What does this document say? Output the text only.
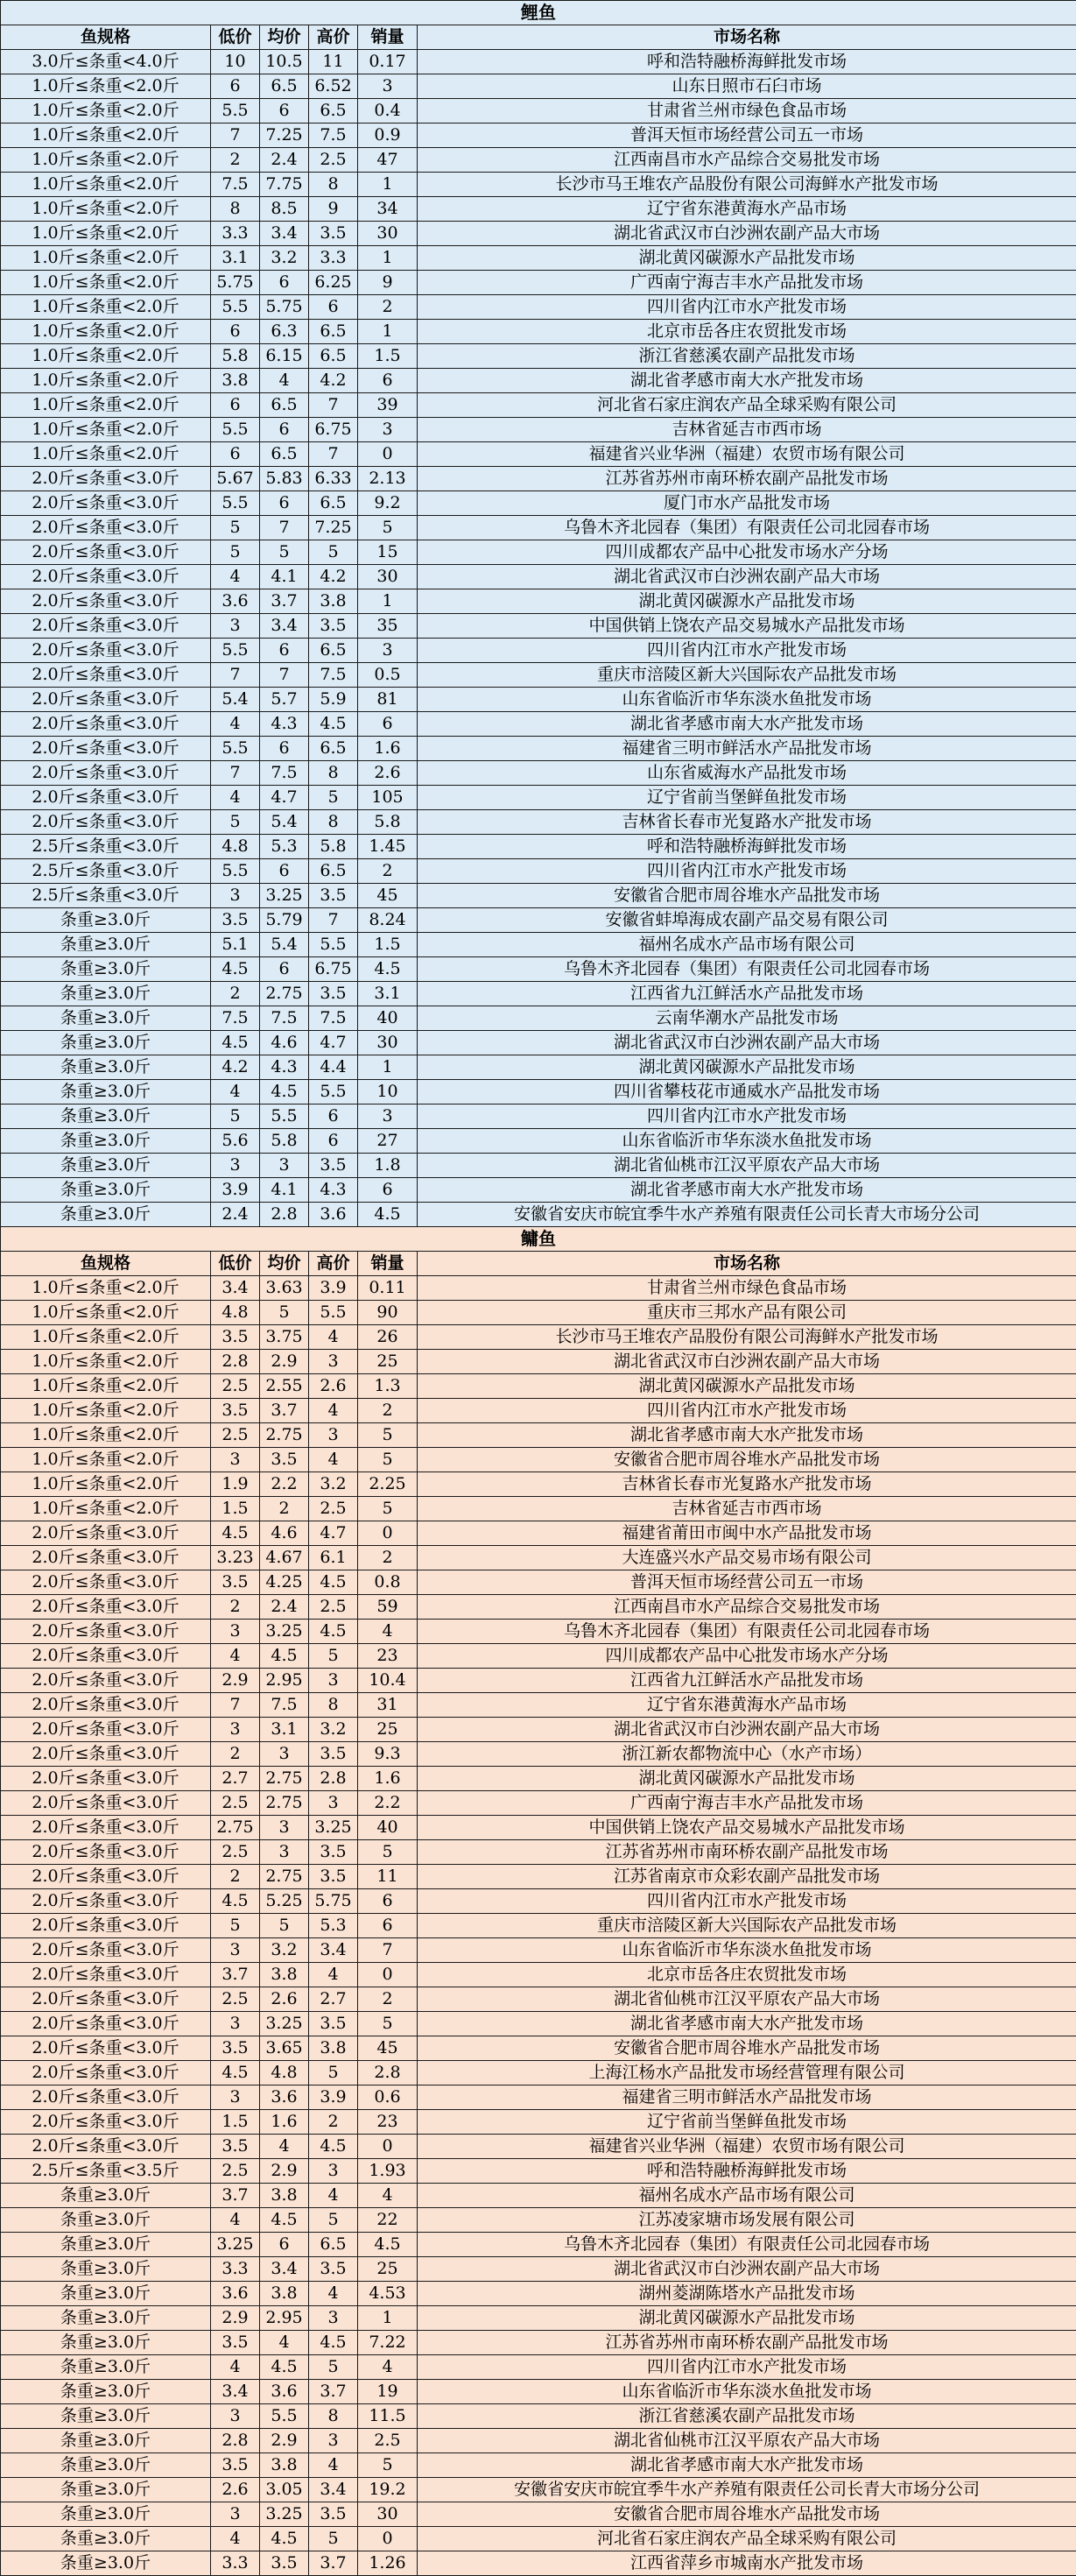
鲤鱼					
鱼规格	低价	均价	高价	销量	市场名称
3.0斤≤条重<4.0斤	10	10.5	11	0.17	呼和浩特融桥海鲜批发市场
1.0斤≤条重<2.0斤	6	6.5	6.52	3	山东日照市石臼市场
1.0斤≤条重<2.0斤	5.5	6	6.5	0.4	甘肃省兰州市绿色食品市场
1.0斤≤条重<2.0斤	7	7.25	7.5	0.9	普洱天恒市场经营公司五一市场
1.0斤≤条重<2.0斤	2	2.4	2.5	47	江西南昌市水产品综合交易批发市场
1.0斤≤条重<2.0斤	7.5	7.75	8	1	长沙市马王堆农产品股份有限公司海鲜水产批发市场
1.0斤≤条重<2.0斤	8	8.5	9	34	辽宁省东港黄海水产品市场
1.0斤≤条重<2.0斤	3.3	3.4	3.5	30	湖北省武汉市白沙洲农副产品大市场
1.0斤≤条重<2.0斤	3.1	3.2	3.3	1	湖北黄冈碳源水产品批发市场
1.0斤≤条重<2.0斤	5.75	6	6.25	9	广西南宁海吉丰水产品批发市场
1.0斤≤条重<2.0斤	5.5	5.75	6	2	四川省内江市水产批发市场
1.0斤≤条重<2.0斤	6	6.3	6.5	1	北京市岳各庄农贸批发市场
1.0斤≤条重<2.0斤	5.8	6.15	6.5	1.5	浙江省慈溪农副产品批发市场
1.0斤≤条重<2.0斤	3.8	4	4.2	6	湖北省孝感市南大水产批发市场
1.0斤≤条重<2.0斤	6	6.5	7	39	河北省石家庄润农产品全球采购有限公司
1.0斤≤条重<2.0斤	5.5	6	6.75	3	吉林省延吉市西市场
1.0斤≤条重<2.0斤	6	6.5	7	0	福建省兴业华洲（福建）农贸市场有限公司
2.0斤≤条重<3.0斤	5.67	5.83	6.33	2.13	江苏省苏州市南环桥农副产品批发市场
2.0斤≤条重<3.0斤	5.5	6	6.5	9.2	厦门市水产品批发市场
2.0斤≤条重<3.0斤	5	7	7.25	5	乌鲁木齐北园春（集团）有限责任公司北园春市场
2.0斤≤条重<3.0斤	5	5	5	15	四川成都农产品中心批发市场水产分场
2.0斤≤条重<3.0斤	4	4.1	4.2	30	湖北省武汉市白沙洲农副产品大市场
2.0斤≤条重<3.0斤	3.6	3.7	3.8	1	湖北黄冈碳源水产品批发市场
2.0斤≤条重<3.0斤	3	3.4	3.5	35	中国供销上饶农产品交易城水产品批发市场
2.0斤≤条重<3.0斤	5.5	6	6.5	3	四川省内江市水产批发市场
2.0斤≤条重<3.0斤	7	7	7.5	0.5	重庆市涪陵区新大兴国际农产品批发市场
2.0斤≤条重<3.0斤	5.4	5.7	5.9	81	山东省临沂市华东淡水鱼批发市场
2.0斤≤条重<3.0斤	4	4.3	4.5	6	湖北省孝感市南大水产批发市场
2.0斤≤条重<3.0斤	5.5	6	6.5	1.6	福建省三明市鲜活水产品批发市场
2.0斤≤条重<3.0斤	7	7.5	8	2.6	山东省威海水产品批发市场
2.0斤≤条重<3.0斤	4	4.7	5	105	辽宁省前当堡鲜鱼批发市场
2.0斤≤条重<3.0斤	5	5.4	8	5.8	吉林省长春市光复路水产批发市场
2.5斤≤条重<3.0斤	4.8	5.3	5.8	1.45	呼和浩特融桥海鲜批发市场
2.5斤≤条重<3.0斤	5.5	6	6.5	2	四川省内江市水产批发市场
2.5斤≤条重<3.0斤	3	3.25	3.5	45	安徽省合肥市周谷堆水产品批发市场
条重≥3.0斤	3.5	5.79	7	8.24	安徽省蚌埠海成农副产品交易有限公司
条重≥3.0斤	5.1	5.4	5.5	1.5	福州名成水产品市场有限公司
条重≥3.0斤	4.5	6	6.75	4.5	乌鲁木齐北园春（集团）有限责任公司北园春市场
条重≥3.0斤	2	2.75	3.5	3.1	江西省九江鲜活水产品批发市场
条重≥3.0斤	7.5	7.5	7.5	40	云南华潮水产品批发市场
条重≥3.0斤	4.5	4.6	4.7	30	湖北省武汉市白沙洲农副产品大市场
条重≥3.0斤	4.2	4.3	4.4	1	湖北黄冈碳源水产品批发市场
条重≥3.0斤	4	4.5	5.5	10	四川省攀枝花市通威水产品批发市场
条重≥3.0斤	5	5.5	6	3	四川省内江市水产批发市场
条重≥3.0斤	5.6	5.8	6	27	山东省临沂市华东淡水鱼批发市场
条重≥3.0斤	3	3	3.5	1.8	湖北省仙桃市江汉平原农产品大市场
条重≥3.0斤	3.9	4.1	4.3	6	湖北省孝感市南大水产批发市场
条重≥3.0斤	2.4	2.8	3.6	4.5	安徽省安庆市皖宜季牛水产养殖有限责任公司长青大市场分公司
鳙鱼					
鱼规格	低价	均价	高价	销量	市场名称
1.0斤≤条重<2.0斤	3.4	3.63	3.9	0.11	甘肃省兰州市绿色食品市场
1.0斤≤条重<2.0斤	4.8	5	5.5	90	重庆市三邦水产品有限公司
1.0斤≤条重<2.0斤	3.5	3.75	4	26	长沙市马王堆农产品股份有限公司海鲜水产批发市场
1.0斤≤条重<2.0斤	2.8	2.9	3	25	湖北省武汉市白沙洲农副产品大市场
1.0斤≤条重<2.0斤	2.5	2.55	2.6	1.3	湖北黄冈碳源水产品批发市场
1.0斤≤条重<2.0斤	3.5	3.7	4	2	四川省内江市水产批发市场
1.0斤≤条重<2.0斤	2.5	2.75	3	5	湖北省孝感市南大水产批发市场
1.0斤≤条重<2.0斤	3	3.5	4	5	安徽省合肥市周谷堆水产品批发市场
1.0斤≤条重<2.0斤	1.9	2.2	3.2	2.25	吉林省长春市光复路水产批发市场
1.0斤≤条重<2.0斤	1.5	2	2.5	5	吉林省延吉市西市场
2.0斤≤条重<3.0斤	4.5	4.6	4.7	0	福建省莆田市闽中水产品批发市场
2.0斤≤条重<3.0斤	3.23	4.67	6.1	2	大连盛兴水产品交易市场有限公司
2.0斤≤条重<3.0斤	3.5	4.25	4.5	0.8	普洱天恒市场经营公司五一市场
2.0斤≤条重<3.0斤	2	2.4	2.5	59	江西南昌市水产品综合交易批发市场
2.0斤≤条重<3.0斤	3	3.25	4.5	4	乌鲁木齐北园春（集团）有限责任公司北园春市场
2.0斤≤条重<3.0斤	4	4.5	5	23	四川成都农产品中心批发市场水产分场
2.0斤≤条重<3.0斤	2.9	2.95	3	10.4	江西省九江鲜活水产品批发市场
2.0斤≤条重<3.0斤	7	7.5	8	31	辽宁省东港黄海水产品市场
2.0斤≤条重<3.0斤	3	3.1	3.2	25	湖北省武汉市白沙洲农副产品大市场
2.0斤≤条重<3.0斤	2	3	3.5	9.3	浙江新农都物流中心（水产市场）
2.0斤≤条重<3.0斤	2.7	2.75	2.8	1.6	湖北黄冈碳源水产品批发市场
2.0斤≤条重<3.0斤	2.5	2.75	3	2.2	广西南宁海吉丰水产品批发市场
2.0斤≤条重<3.0斤	2.75	3	3.25	40	中国供销上饶农产品交易城水产品批发市场
2.0斤≤条重<3.0斤	2.5	3	3.5	5	江苏省苏州市南环桥农副产品批发市场
2.0斤≤条重<3.0斤	2	2.75	3.5	11	江苏省南京市众彩农副产品批发市场
2.0斤≤条重<3.0斤	4.5	5.25	5.75	6	四川省内江市水产批发市场
2.0斤≤条重<3.0斤	5	5	5.3	6	重庆市涪陵区新大兴国际农产品批发市场
2.0斤≤条重<3.0斤	3	3.2	3.4	7	山东省临沂市华东淡水鱼批发市场
2.0斤≤条重<3.0斤	3.7	3.8	4	0	北京市岳各庄农贸批发市场
2.0斤≤条重<3.0斤	2.5	2.6	2.7	2	湖北省仙桃市江汉平原农产品大市场
2.0斤≤条重<3.0斤	3	3.25	3.5	5	湖北省孝感市南大水产批发市场
2.0斤≤条重<3.0斤	3.5	3.65	3.8	45	安徽省合肥市周谷堆水产品批发市场
2.0斤≤条重<3.0斤	4.5	4.8	5	2.8	上海江杨水产品批发市场经营管理有限公司
2.0斤≤条重<3.0斤	3	3.6	3.9	0.6	福建省三明市鲜活水产品批发市场
2.0斤≤条重<3.0斤	1.5	1.6	2	23	辽宁省前当堡鲜鱼批发市场
2.0斤≤条重<3.0斤	3.5	4	4.5	0	福建省兴业华洲（福建）农贸市场有限公司
2.5斤≤条重<3.5斤	2.5	2.9	3	1.93	呼和浩特融桥海鲜批发市场
条重≥3.0斤	3.7	3.8	4	4	福州名成水产品市场有限公司
条重≥3.0斤	4	4.5	5	22	江苏凌家塘市场发展有限公司
条重≥3.0斤	3.25	6	6.5	4.5	乌鲁木齐北园春（集团）有限责任公司北园春市场
条重≥3.0斤	3.3	3.4	3.5	25	湖北省武汉市白沙洲农副产品大市场
条重≥3.0斤	3.6	3.8	4	4.53	湖州菱湖陈塔水产品批发市场
条重≥3.0斤	2.9	2.95	3	1	湖北黄冈碳源水产品批发市场
条重≥3.0斤	3.5	4	4.5	7.22	江苏省苏州市南环桥农副产品批发市场
条重≥3.0斤	4	4.5	5	4	四川省内江市水产批发市场
条重≥3.0斤	3.4	3.6	3.7	19	山东省临沂市华东淡水鱼批发市场
条重≥3.0斤	3	5.5	8	11.5	浙江省慈溪农副产品批发市场
条重≥3.0斤	2.8	2.9	3	2.5	湖北省仙桃市江汉平原农产品大市场
条重≥3.0斤	3.5	3.8	4	5	湖北省孝感市南大水产批发市场
条重≥3.0斤	2.6	3.05	3.4	19.2	安徽省安庆市皖宜季牛水产养殖有限责任公司长青大市场分公司
条重≥3.0斤	3	3.25	3.5	30	安徽省合肥市周谷堆水产品批发市场
条重≥3.0斤	4	4.5	5	0	河北省石家庄润农产品全球采购有限公司
条重≥3.0斤	3.3	3.5	3.7	1.26	江西省萍乡市城南水产批发市场
